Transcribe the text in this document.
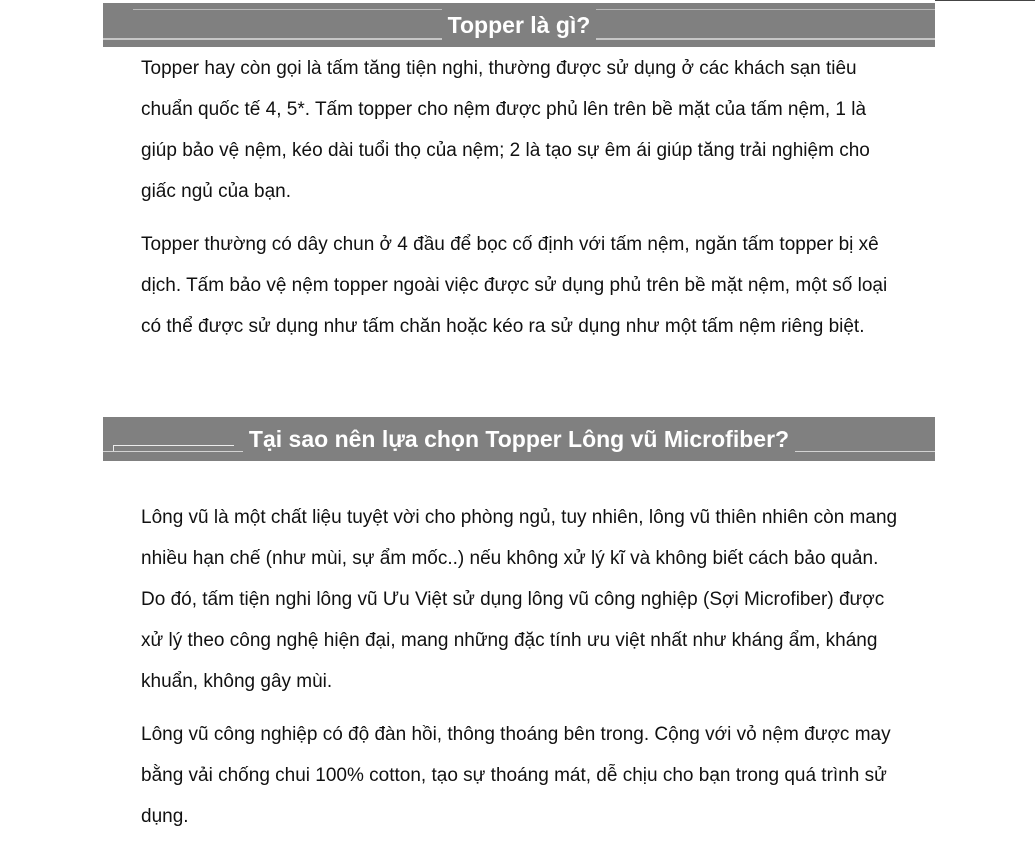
Topper là gì?

Topper hay còn gọi là tấm tăng tiện nghi, thường được sử dụng ở các khách sạn tiêu chuẩn quốc tế 4, 5*. Tấm topper cho nệm được phủ lên trên bề mặt của tấm nệm, 1 là giúp bảo vệ nệm, kéo dài tuổi thọ của nệm; 2 là tạo sự êm ái giúp tăng trải nghiệm cho giấc ngủ của bạn.

Topper thường có dây chun ở 4 đầu để bọc cố định với tấm nệm, ngăn tấm topper bị xê dịch. Tấm bảo vệ nệm topper ngoài việc được sử dụng phủ trên bề mặt nệm, một số loại có thể được sử dụng như tấm chăn hoặc kéo ra sử dụng như một tấm nệm riêng biệt.

Tại sao nên lựa chọn Topper Lông vũ Microfiber?

Lông vũ là một chất liệu tuyệt vời cho phòng ngủ, tuy nhiên, lông vũ thiên nhiên còn mang nhiều hạn chế (như mùi, sự ẩm mốc..) nếu không xử lý kĩ và không biết cách bảo quản. Do đó, tấm tiện nghi lông vũ Ưu Việt sử dụng lông vũ công nghiệp (Sợi Microfiber) được xử lý theo công nghệ hiện đại, mang những đặc tính ưu việt nhất như kháng ẩm, kháng khuẩn, không gây mùi.

Lông vũ công nghiệp có độ đàn hồi, thông thoáng bên trong. Cộng với vỏ nệm được may bằng vải chống chui 100% cotton, tạo sự thoáng mát, dễ chịu cho bạn trong quá trình sử dụng.
